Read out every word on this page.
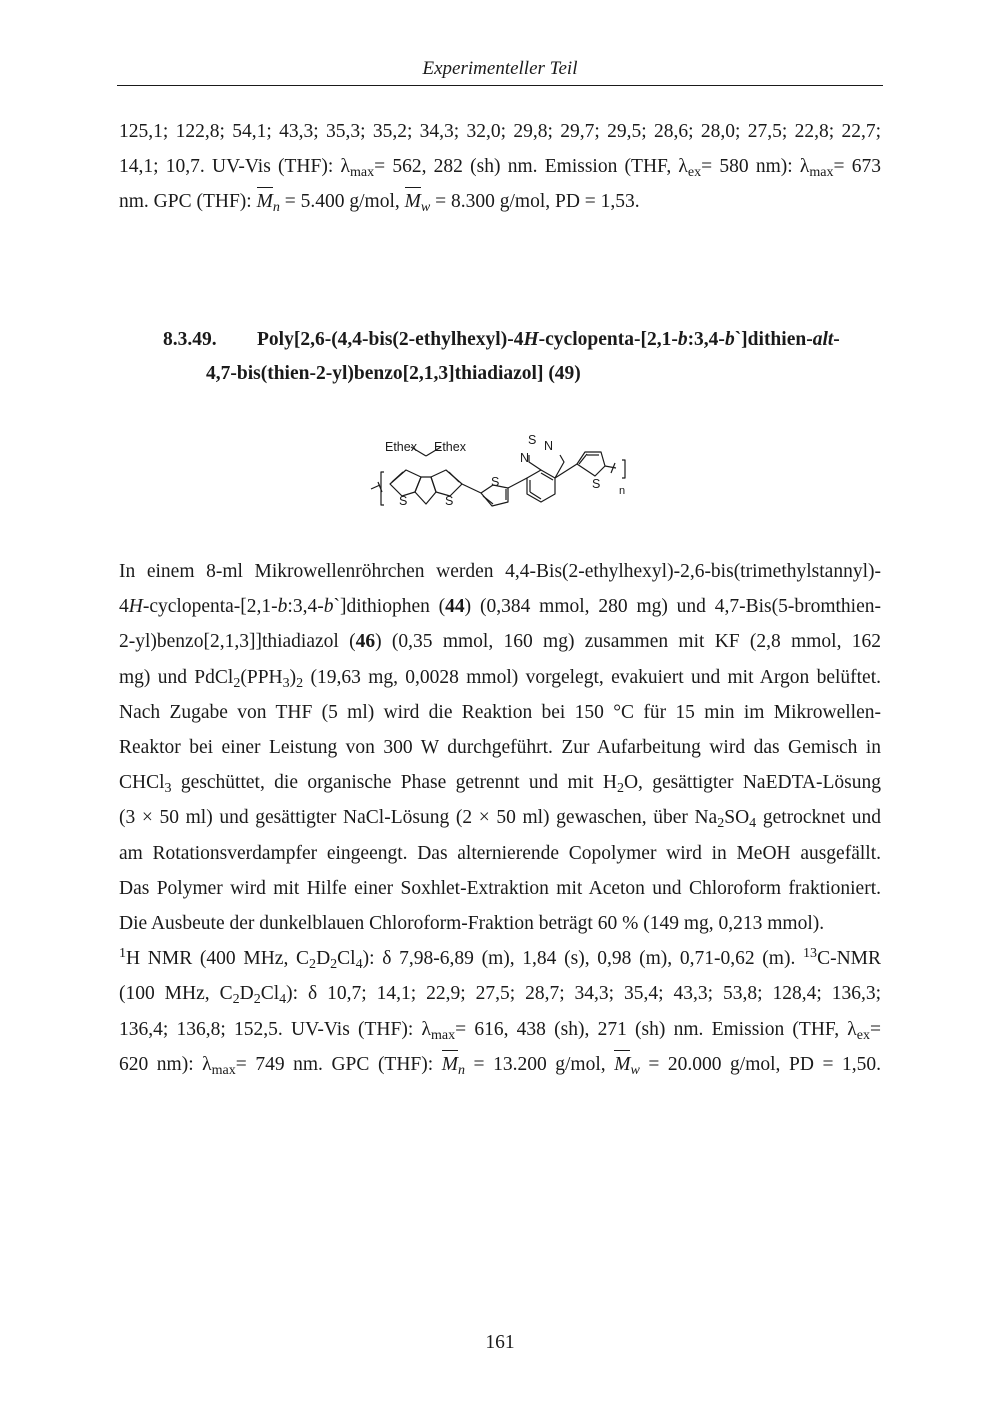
Experimenteller Teil
125,1; 122,8; 54,1; 43,3; 35,3; 35,2; 34,3; 32,0; 29,8; 29,7; 29,5; 28,6; 28,0; 27,5; 22,8; 22,7;
14,1; 10,7. UV-Vis (THF): $\lambda_{max}= 562$, 282 (sh) nm. Emission (THF, $\lambda_{ex}= 580$ nm): $\lambda_{max}= 673$
nm. GPC (THF): $M_n = 5.400$ g/mol, $M_w = 8.300$ g/mol, PD = 1,53.
8.3.49. Poly[2,6-(4,4-bis(2-ethylhexyl)-4H-cyclopenta-[2,1-b:3,4-b`]dithien-alt-
4,7-bis(thien-2-yl)benzo[2,1,3]thiadiazol] (49)
Ethex Ethex	S N
N
S	S
S	S n
In einem 8-ml Mikrowellenröhrchen werden 4,4-Bis(2-ethylhexyl)-2,6-bis(trimethylstannyl)-
4H-cyclopenta-[2,1-b:3,4-b`]dithiophen (44) (0,384 mmol, 280 mg) und 4,7-Bis(5-bromthien-
2-yl)benzo[2,1,3]]thiadiazol (46) (0,35 mmol, 160 mg) zusammen mit KF (2,8 mmol, 162
mg) und $PdCl_2(PPH_3)_2$ (19,63 mg, 0,0028 mmol) vorgelegt, evakuiert und mit Argon belüftet.
Nach Zugabe von THF (5 ml) wird die Reaktion bei 150 °C für 15 min im Mikrowellen-
Reaktor bei einer Leistung von 300 W durchgeführt. Zur Aufarbeitung wird das Gemisch in
CHCl$_3$ geschüttet, die organische Phase getrennt und mit $H_2O$, gesättigter NaEDTA-Lösung
(3 × 50 ml) und gesättigter NaCl-Lösung (2 × 50 ml) gewaschen, über $Na_2SO_4$ getrocknet und
am Rotationsverdampfer eingeengt. Das alternierende Copolymer wird in MeOH ausgefällt.
Das Polymer wird mit Hilfe einer Soxhlet-Extraktion mit Aceton und Chloroform fraktioniert.
Die Ausbeute der dunkelblauen Chloroform-Fraktion beträgt 60 % (149 mg, 0,213 mmol).
$^1$H NMR (400 MHz, $C_2D_2Cl_4$): δ 7,98-6,89 (m), 1,84 (s), 0,98 (m), 0,71-0,62 (m). $^{13}$C-NMR
(100 MHz, $C_2D_2Cl_4$): δ 10,7; 14,1; 22,9; 27,5; 28,7; 34,3; 35,4; 43,3; 53,8; 128,4; 136,3;
136,4; 136,8; 152,5. UV-Vis (THF): $\lambda_{max}= 616$, 438 (sh), 271 (sh) nm. Emission (THF, $\lambda_{ex}=$
620 nm): $\lambda_{max}= 749$ nm. GPC (THF): $M_n = 13.200$ g/mol, $M_w = 20.000$ g/mol, PD = 1,50.
161
